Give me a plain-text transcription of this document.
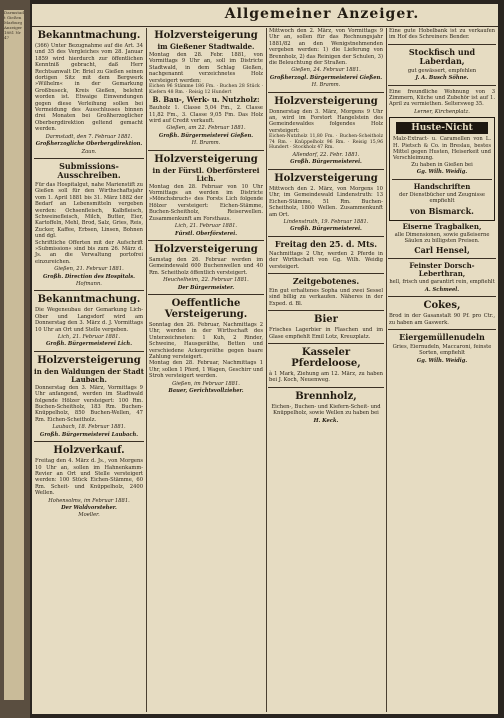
Darmstadt Gießen Marburg Anzeiger 1881 Nr 47
Allgemeiner Anzeiger.
Bekanntmachung.
(366) Unter Bezugnahme auf die Art. 34 und 35 des Vergleiches vom 28. Januar 1859 wird hierdurch zur öffentlichen Kenntniß gebracht, daß Herr Rechtsanwalt Dr. Briel zu Gießen seinen dortigen Sitz mit dem Bergwerk »Wilhelm« in der Gemarkung Großbuseck, Kreis Gießen, belehnt worden ist. Etwaige Einwendungen gegen diese Verleihung sollen bei Vermeidung des Ausschlusses binnen drei Monaten bei Großherzoglicher Oberbergdirektion geltend gemacht werden.
Darmstadt, den 7. Februar 1881.
Großherzogliche Oberbergdirektion.
Zaun.
Submissions-Ausschreiben.
Für das Hospitalgut, nahe Marienstift zu Gießen soll für den Wirthschaftsjahr vom 1. April 1881 bis 31. März 1882 der Bedarf an Lebensmitteln vergeben werden: Ochsenfleisch, Kalbfleisch, Schweinefleisch, Milch, Butter, Eier, Kartoffeln, Mehl, Brod, Salz, Gries, Reis, Zucker, Kaffee, Erbsen, Linsen, Bohnen und dgl.
Schriftliche Offerten mit der Aufschrift »Submission« sind bis zum 26. März d. Js. an die Verwaltung portofrei einzureichen.
Gießen, 21. Februar 1881.
Großh. Direction des Hospitals.
Hofmann.
Bekanntmachung.
Die Wegeneubau der Gemarkung Lich-Ober und Langsdorf wird am Donnerstag den 3. März d. J. Vormittags 10 Uhr an Ort und Stelle vergeben.
Lich, 21. Februar 1881.
Großh. Bürgermeisterei Lich.
Holzversteigerung
in den Waldungen der Stadt Laubach.
Donnerstag den 3. März, Vormittags 9 Uhr anfangend, werden im Stadtwald folgende Hölzer versteigert: 100 Rm. Buchen-Scheitholz, 183 Rm. Buchen-Knüppelholz, 850 Buchen-Wellen, 47 Rm. Eichen-Scheitholz.
Laubach, 18. Februar 1881.
Großh. Bürgermeisterei Laubach.
Holzverkauf.
Freitag den 4. März d. Js., von Morgens 10 Uhr an, sollen im Hahnenkamm-Revier an Ort und Stelle versteigert werden: 100 Stück Eichen-Stämme, 60 Rm. Scheit- und Knüppelholz, 2400 Wellen.
Hohensolms, im Februar 1881.
Der Waldvorsteher.
Moeller.
Holzversteigerung
im Gießener Stadtwalde.
Montag den 28. Febr. 1881, von Vormittags 9 Uhr an, soll im Districte Stadtwald, in dem Schlag Gießen, nachgenannt verzeichnetes Holz versteigert werden:
Eichen 96 Stämme 186 Fm. · Buchen 28 Stück · Kiefern 48 Rm. · Reisig 12 Hundert
B. Bau-, Werk- u. Nutzholz:
Bauholz 1. Classe 5,04 Fm., 2. Classe 11,82 Fm., 3. Classe 9,05 Fm. Das Holz wird auf Credit verkauft.
Gießen, am 22. Februar 1881.
Großh. Bürgermeisterei Gießen.
H. Bramm.
Holzversteigerung
in der Fürstl. Oberförsterei Lich.
Montag den 28. Februar von 10 Uhr Vormittags an werden im Districte »Mönchsbruch« des Forsts Lich folgende Hölzer versteigert: Eichen-Stämme, Buchen-Scheitholz, Reiserwellen. Zusammenkunft am Forsthaus.
Lich, 21. Februar 1881.
Fürstl. Oberförsterei.
Holzversteigerung
Samstag den 26. Februar werden im Gemeindewald 600 Buchenwellen und 40 Rm. Scheitholz öffentlich versteigert.
Heuchelheim, 22. Februar 1881.
Der Bürgermeister.
Oeffentliche Versteigerung.
Sonntag den 26. Februar, Nachmittags 2 Uhr, werden in der Wirthschaft des Unterzeichneten: 1 Kuh, 2 Rinder, Schweine, Hausgeräthe, Betten und verschiedene Ackergeräthe gegen baare Zahlung versteigert.
Montag den 28. Februar, Nachmittags 1 Uhr, sollen 1 Pferd, 1 Wagen, Geschirr und Stroh versteigert werden.
Gießen, im Februar 1881.
Bauer, Gerichtsvollzieher.
Mittwoch den 2. März, von Vormittags 9 Uhr an, sollen für das Rechnungsjahr 1881/82 an den Wenigstnehmenden vergeben werden: 1) die Lieferung von Brennholz, 2) das Reinigen der Schulen, 3) die Beleuchtung der Straßen.
Gießen, 24. Februar 1881.
Großherzogl. Bürgermeisterei Gießen.
H. Bramm.
Holzversteigerung
Donnerstag den 3. März, Morgens 9 Uhr an, wird im Forstort Hangelstein des Gemeindewaldes folgendes Holz versteigert:
Eichen-Nutzholz 11,80 Fm. · Buchen-Scheitholz 74 Rm. · Knüppelholz 96 Rm. · Reisig 15,96 Hundert · Stockholz 47 Rm.
Allendorf, 22. Febr. 1881.
Großh. Bürgermeisterei.
Holzversteigerung
Mittwoch den 2. März, von Morgens 10 Uhr, im Gemeindewald Lindenstruth: 13 Eichen-Stämme, 51 Rm. Buchen-Scheitholz, 1800 Wellen. Zusammenkunft am Ort.
Lindenstruth, 19. Februar 1881.
Großh. Bürgermeisterei.
Freitag den 25. d. Mts.
Nachmittags 2 Uhr, werden 2 Pferde in der Wirthschaft von Gg. Wilh. Weidig versteigert.
Zeitgebotenes.
Ein gut erhaltenes Sopha und zwei Sessel sind billig zu verkaufen. Näheres in der Exped. d. Bl.
Bier
Frisches Lagerbier in Flaschen und im Glase empfiehlt Emil Lotz, Kreuzplatz.
Kasseler Pferdeloose,
à 1 Mark, Ziehung am 12. März, zu haben bei J. Koch, Neuenweg.
Brennholz,
Eichen-, Buchen- und Kiefern-Scheit- und Knüppelholz, sowie Wellen zu haben bei
H. Keck.
Eine gute Hobelbank ist zu verkaufen im Hof des Schreiners Bender.
Stockfisch und Laberdan,
gut gewässert, empfehlen
J. A. Busch Söhne.
Eine freundliche Wohnung von 3 Zimmern, Küche und Zubehör ist auf 1. April zu vermiethen. Seltersweg 35.
Lerner, Kirchenplatz.
Huste-Nicht
Malz-Extract- u. Caramellen von L. H. Pietsch & Co. in Breslau, bestes Mittel gegen Husten, Heiserkeit und Verschleimung.
Zu haben in Gießen bei
Gg. Wilh. Weidig.
Handschriften
der Dienstbücher und Zeugnisse empfiehlt
von Bismarck.
Eiserne Tragbalken,
alle Dimensionen, sowie gußeiserne Säulen zu billigsten Preisen.
Carl Hensel,
Feinster Dorsch-Leberthran,
hell, frisch und garantirt rein, empfiehlt
A. Schmeel.
Cokes,
Brod in der Gasanstalt 90 Pf. pro Ctr., zu haben am Gaswerk.
Eiergemüllenudeln
Gries, Eiernudeln, Maccaroni, feinste Sorten, empfiehlt
Gg. Wilh. Weidig.
